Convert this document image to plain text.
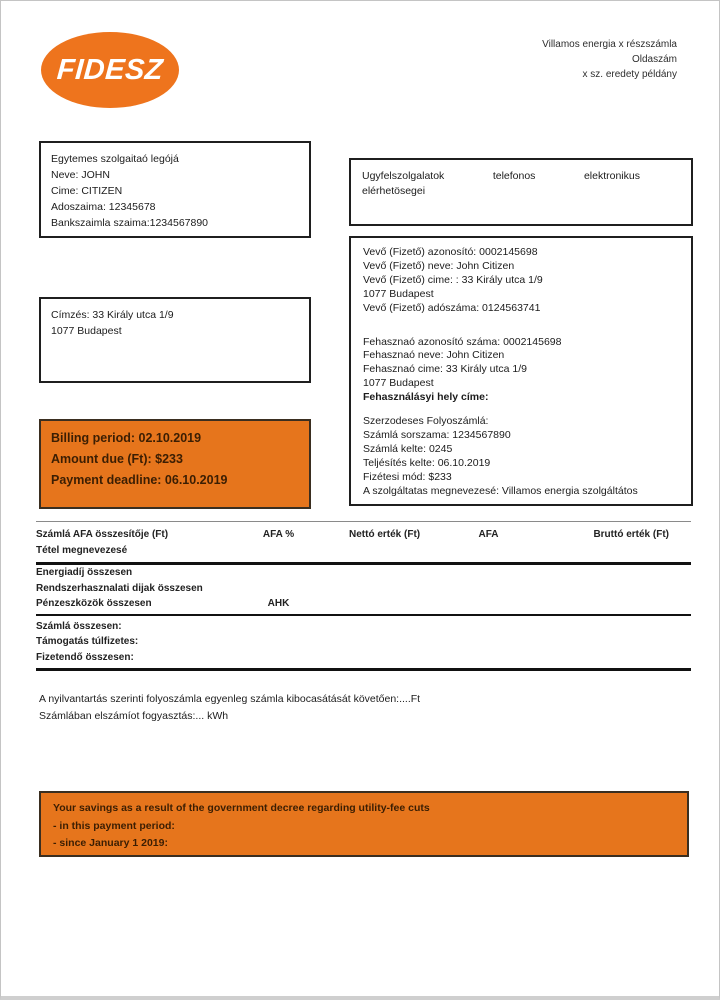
FIDESZ
Villamos energia x részszámla
Oldaszám
x sz. eredety példány
Egytemes szolgaitaó legójá
Neve: JOHN
Cime: CITIZEN
Adoszaima: 12345678
Bankszaimla szaima:1234567890
Ugyfelszolgalatok	telefonos	elektronikus
elérhetösegei
Címzés: 33 Király utca 1/9
1077 Budapest
Vevő (Fizető) azonosító: 0002145698
Vevő (Fizető) neve: John Citizen
Vevő (Fizető) cime: : 33 Király utca 1/9
1077 Budapest
Vevő (Fizető) adószáma: 0124563741
Fehasznaó azonosító száma: 0002145698
Fehasznaó neve: John Citizen
Fehasznaó cime: 33 Király utca 1/9
1077 Budapest
Fehasználásyi hely címe:
Szerzodeses Folyoszámlá:
Számlá sorszama: 1234567890
Számlá kelte: 0245
Teljésítés kelte: 06.10.2019
Fizétesi mód: $233
A szolgáltatas megnevezesé: Villamos energia szolgáltátos
Billing period: 02.10.2019
Amount due (Ft): $233
Payment deadline: 06.10.2019
Számlá AFA összesítője (Ft)	AFA %	Nettó erték (Ft)	AFA	Bruttó erték (Ft)
Tétel megnevezesé
Energiadíj összesen
Rendszerhasznalati dijak összesen
Pénzeszközök összesen	AHK
Számlá összesen:
Támogatás túlfizetes:
Fizetendő összesen:
A nyilvantartás szerinti folyoszámla egyenleg számla kibocasátását követően:....Ft
Számlában elszámíot fogyasztás:... kWh
Your savings as a result of the government decree regarding utility-fee cuts
- in this payment period:
- since January 1 2019:
